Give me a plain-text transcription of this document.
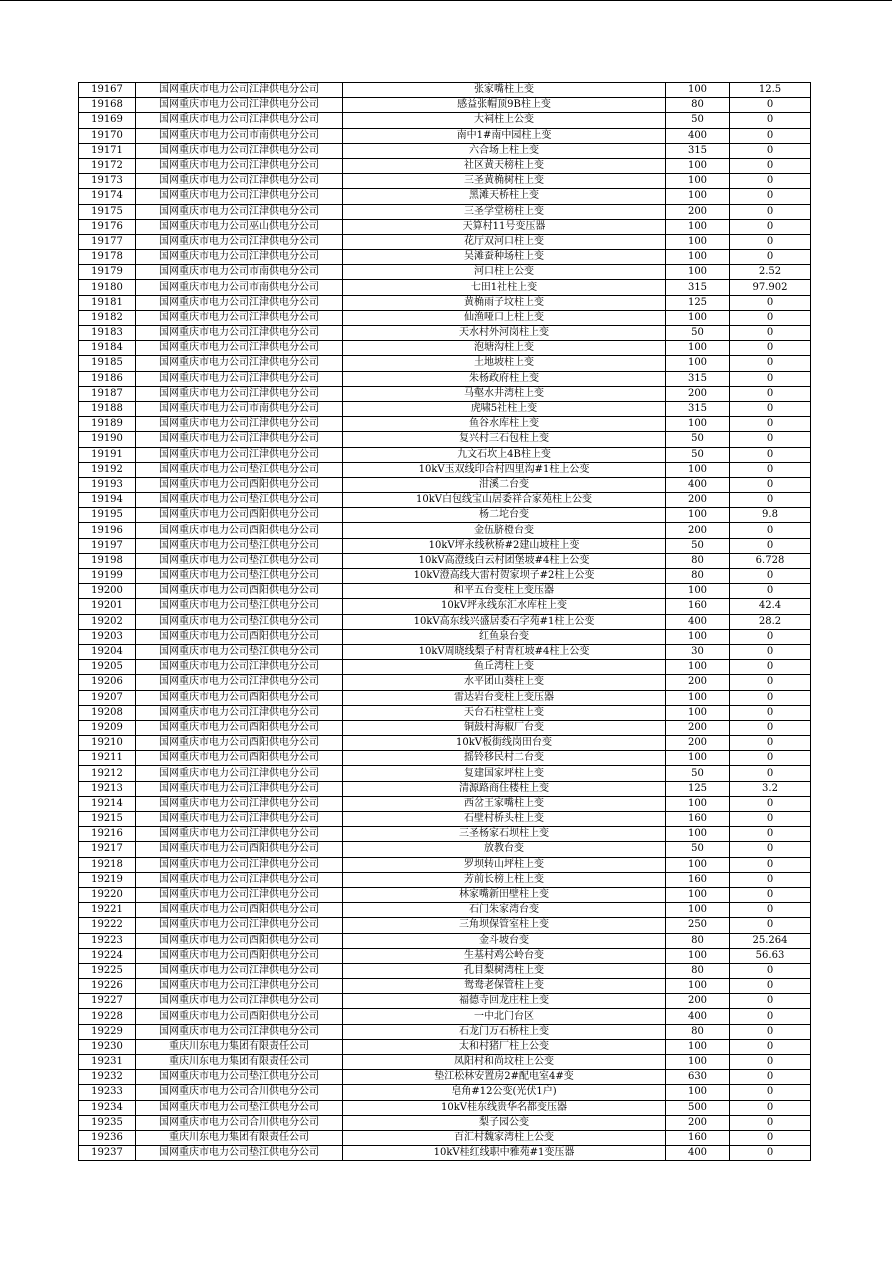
19167	国网重庆市电力公司江津供电分公司	张家嘴柱上变	100	12.5
19168	国网重庆市电力公司江津供电分公司	感益张帽顶9B柱上变	80	0
19169	国网重庆市电力公司江津供电分公司	大祠柱上公变	50	0
19170	国网重庆市电力公司市南供电分公司	南中1#南中园柱上变	400	0
19171	国网重庆市电力公司江津供电分公司	六合场上柱上变	315	0
19172	国网重庆市电力公司江津供电分公司	社区黄天榜柱上变	100	0
19173	国网重庆市电力公司江津供电分公司	三圣黄桷树柱上变	100	0
19174	国网重庆市电力公司江津供电分公司	黑滩天桥柱上变	100	0
19175	国网重庆市电力公司江津供电分公司	三圣学堂榜柱上变	200	0
19176	国网重庆市电力公司巫山供电分公司	天算村11号变压器	100	0
19177	国网重庆市电力公司江津供电分公司	花厅双河口柱上变	100	0
19178	国网重庆市电力公司江津供电分公司	吴滩蚕种场柱上变	100	0
19179	国网重庆市电力公司市南供电分公司	河口柱上公变	100	2.52
19180	国网重庆市电力公司市南供电分公司	七田1社柱上变	315	97.902
19181	国网重庆市电力公司江津供电分公司	黄桷雨子坟柱上变	125	0
19182	国网重庆市电力公司江津供电分公司	仙渔哑口上柱上变	100	0
19183	国网重庆市电力公司江津供电分公司	天水村外河岗柱上变	50	0
19184	国网重庆市电力公司江津供电分公司	泡塘沟柱上变	100	0
19185	国网重庆市电力公司江津供电分公司	土地坡柱上变	100	0
19186	国网重庆市电力公司江津供电分公司	朱杨政府柱上变	315	0
19187	国网重庆市电力公司江津供电分公司	马壑水井湾柱上变	200	0
19188	国网重庆市电力公司市南供电分公司	虎啸5社柱上变	315	0
19189	国网重庆市电力公司江津供电分公司	鱼谷水库柱上变	100	0
19190	国网重庆市电力公司江津供电分公司	复兴村三石包柱上变	50	0
19191	国网重庆市电力公司江津供电分公司	九文石坎上4B柱上变	50	0
19192	国网重庆市电力公司垫江供电分公司	10kV玉双线印合村四里沟#1柱上公变	100	0
19193	国网重庆市电力公司酉阳供电分公司	泔溪二台变	400	0
19194	国网重庆市电力公司垫江供电分公司	10kV白包线宝山居委祥合家苑柱上公变	200	0
19195	国网重庆市电力公司酉阳供电分公司	杨二坨台变	100	9.8
19196	国网重庆市电力公司酉阳供电分公司	金伍脐橙台变	200	0
19197	国网重庆市电力公司垫江供电分公司	10kV坪永线秋桥#2建山坡柱上变	50	0
19198	国网重庆市电力公司垫江供电分公司	10kV高澄线白云村团堡坡#4柱上公变	80	6.728
19199	国网重庆市电力公司垫江供电分公司	10kV澄高线大雷村贺家坝子#2柱上公变	80	0
19200	国网重庆市电力公司酉阳供电分公司	和平五台变柱上变压器	100	0
19201	国网重庆市电力公司垫江供电分公司	10kV坪永线东汇水库柱上变	160	42.4
19202	国网重庆市电力公司垫江供电分公司	10kV高东线兴盛居委石字苑#1柱上公变	400	28.2
19203	国网重庆市电力公司酉阳供电分公司	红鱼泉台变	100	0
19204	国网重庆市电力公司垫江供电分公司	10kV周晓线梨子村青杠坡#4柱上公变	30	0
19205	国网重庆市电力公司江津供电分公司	鱼丘湾柱上变	100	0
19206	国网重庆市电力公司江津供电分公司	水平团山葵柱上变	200	0
19207	国网重庆市电力公司酉阳供电分公司	雷达岩台变柱上变压器	100	0
19208	国网重庆市电力公司江津供电分公司	天台石柱堂柱上变	100	0
19209	国网重庆市电力公司酉阳供电分公司	铜鼓村海椒厂台变	200	0
19210	国网重庆市电力公司酉阳供电分公司	10kV板街线岗田台变	200	0
19211	国网重庆市电力公司酉阳供电分公司	摇铃移民村二台变	100	0
19212	国网重庆市电力公司江津供电分公司	复建国家坪柱上变	50	0
19213	国网重庆市电力公司江津供电分公司	清源路商住楼柱上变	125	3.2
19214	国网重庆市电力公司江津供电分公司	西岔王家嘴柱上变	100	0
19215	国网重庆市电力公司江津供电分公司	石壁村桥头柱上变	160	0
19216	国网重庆市电力公司江津供电分公司	三圣杨家石坝柱上变	100	0
19217	国网重庆市电力公司酉阳供电分公司	放教台变	50	0
19218	国网重庆市电力公司江津供电分公司	罗坝转山坪柱上变	100	0
19219	国网重庆市电力公司江津供电分公司	芳前长榜上柱上变	160	0
19220	国网重庆市电力公司江津供电分公司	林家嘴新田壁柱上变	100	0
19221	国网重庆市电力公司酉阳供电分公司	石门朱家湾台变	100	0
19222	国网重庆市电力公司江津供电分公司	三角坝保管室柱上变	250	0
19223	国网重庆市电力公司酉阳供电分公司	金斗坡台变	80	25.264
19224	国网重庆市电力公司酉阳供电分公司	生基村鸡公岭台变	100	56.63
19225	国网重庆市电力公司江津供电分公司	孔目梨树湾柱上变	80	0
19226	国网重庆市电力公司江津供电分公司	鸳鸯老保管柱上变	100	0
19227	国网重庆市电力公司江津供电分公司	福德寺回龙庄柱上变	200	0
19228	国网重庆市电力公司酉阳供电分公司	一中北门台区	400	0
19229	国网重庆市电力公司江津供电分公司	石龙门万石桥柱上变	80	0
19230	重庆川东电力集团有限责任公司	太和村猪厂柱上公变	100	0
19231	重庆川东电力集团有限责任公司	凤阳村和尚坟柱上公变	100	0
19232	国网重庆市电力公司垫江供电分公司	垫江松林安置房2#配电室4#变	630	0
19233	国网重庆市电力公司合川供电分公司	皂角#12公变(光伏1户)	100	0
19234	国网重庆市电力公司垫江供电分公司	10kV桂东线贵华名都变压器	500	0
19235	国网重庆市电力公司合川供电分公司	梨子园公变	200	0
19236	重庆川东电力集团有限责任公司	百汇村魏家湾柱上公变	160	0
19237	国网重庆市电力公司垫江供电分公司	10kV桂红线职中雅苑#1变压器	400	0
